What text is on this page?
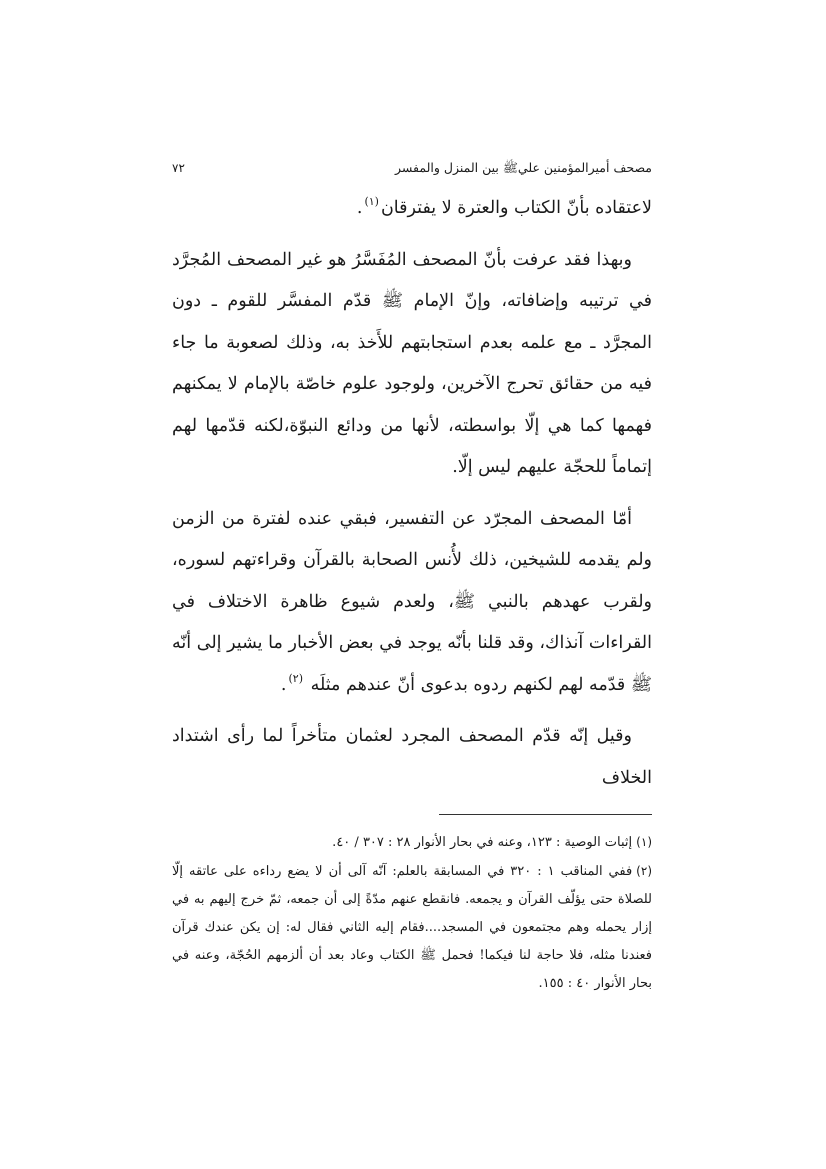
مصحف أميرالمؤمنين عليﷺ بين المنزل والمفسر
٧٢

لاعتقاده بأنّ الكتاب والعترة لا يفترقان$^{(١)}$.

وبهذا فقد عرفت بأنّ المصحف المُفَسَّرُ هو غير المصحف المُجرَّد في ترتيبه وإضافاته، وإنّ الإمام ﷺ قدّم المفسَّر للقوم ـ دون المجرَّد ـ مع علمه بعدم استجابتهم للأَخذ به، وذلك لصعوبة ما جاء فيه من حقائق تحرج الآخرين، ولوجود علوم خاصّة بالإمام لا يمكنهم فهمها كما هي إلّا بواسطته، لأنها من ودائع النبوّة،لكنه قدّمها لهم إتماماً للحجّة عليهم ليس إلّا.

أمّا المصحف المجرّد عن التفسير، فبقي عنده لفترة من الزمن ولم يقدمه للشيخين، ذلك لأُنس الصحابة بالقرآن وقراءتهم لسوره، ولقرب عهدهم بالنبي ﷺ، ولعدم شيوع ظاهرة الاختلاف في القراءات آنذاك، وقد قلنا بأنّه يوجد في بعض الأخبار ما يشير إلى أنّه ﷺ قدّمه لهم لكنهم ردوه بدعوى أنّ عندهم مثلَه $^{(٢)}$.

وقيل إنّه قدّم المصحف المجرد لعثمان متأخراً لما رأى اشتداد الخلاف

(١)إثبات الوصية : ١٢٣، وعنه في بحار الأنوار ٢٨ : ٣٠٧ / ٤٠.

(٢)ففي المناقب ١ : ٣٢٠ في المسابقة بالعلم: آنّه آلى أن لا يضع رداءه على عاتقه إلّا للصلاة حتى يؤلّف القرآن و يجمعه. فانقطع عنهم مدّةً إلى أن جمعه، ثمّ خرج إليهم به في إزار يحمله وهم مجتمعون في المسجد....فقام إليه الثاني فقال له: إن يكن عندك قرآن فعندنا مثله، فلا حاجة لنا فيكما! فحمل ﷺ الكتاب وعاد بعد أن ألزمهم الحُجّة، وعنه في بحار الأنوار ٤٠ : ١٥٥.
